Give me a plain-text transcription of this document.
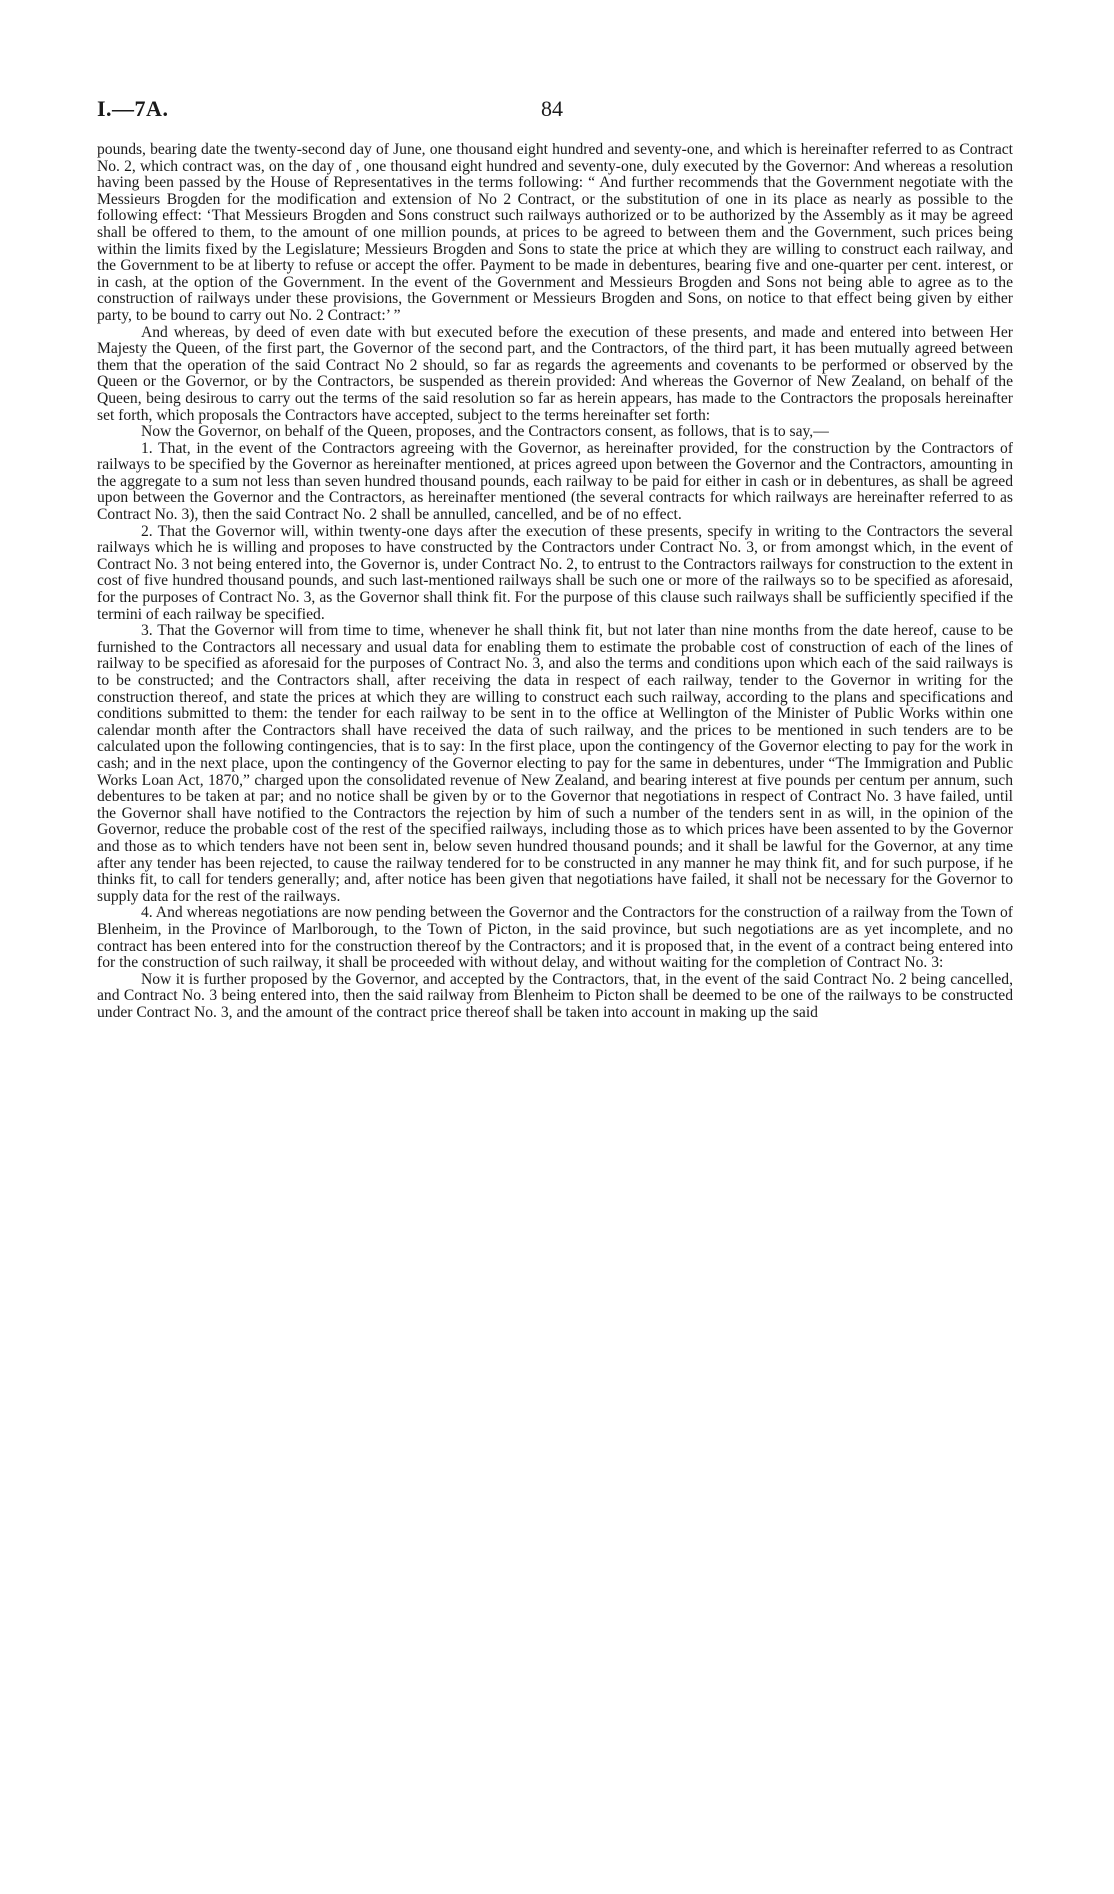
I.—7A.	84

pounds, bearing date the twenty-second day of June, one thousand eight hundred and seventy-one, and which is hereinafter referred to as Contract No. 2, which contract was, on the day of , one thousand eight hundred and seventy-one, duly executed by the Governor: And whereas a resolution having been passed by the House of Representatives in the terms following: “ And further recommends that the Government negotiate with the Messieurs Brogden for the modification and extension of No 2 Contract, or the substitution of one in its place as nearly as possible to the following effect: ‘That Messieurs Brogden and Sons construct such railways authorized or to be authorized by the Assembly as it may be agreed shall be offered to them, to the amount of one million pounds, at prices to be agreed to between them and the Government, such prices being within the limits fixed by the Legislature; Messieurs Brogden and Sons to state the price at which they are willing to construct each railway, and the Government to be at liberty to refuse or accept the offer. Payment to be made in debentures, bearing five and one-quarter per cent. interest, or in cash, at the option of the Government. In the event of the Government and Messieurs Brogden and Sons not being able to agree as to the construction of railways under these provisions, the Government or Messieurs Brogden and Sons, on notice to that effect being given by either party, to be bound to carry out No. 2 Contract:’ ”

And whereas, by deed of even date with but executed before the execution of these presents, and made and entered into between Her Majesty the Queen, of the first part, the Governor of the second part, and the Contractors, of the third part, it has been mutually agreed between them that the operation of the said Contract No 2 should, so far as regards the agreements and covenants to be performed or observed by the Queen or the Governor, or by the Contractors, be suspended as therein provided: And whereas the Governor of New Zealand, on behalf of the Queen, being desirous to carry out the terms of the said resolution so far as herein appears, has made to the Contractors the proposals hereinafter set forth, which proposals the Contractors have accepted, subject to the terms hereinafter set forth:

Now the Governor, on behalf of the Queen, proposes, and the Contractors consent, as follows, that is to say,—

1. That, in the event of the Contractors agreeing with the Governor, as hereinafter provided, for the construction by the Contractors of railways to be specified by the Governor as hereinafter mentioned, at prices agreed upon between the Governor and the Contractors, amounting in the aggregate to a sum not less than seven hundred thousand pounds, each railway to be paid for either in cash or in debentures, as shall be agreed upon between the Governor and the Contractors, as hereinafter mentioned (the several contracts for which railways are hereinafter referred to as Contract No. 3), then the said Contract No. 2 shall be annulled, cancelled, and be of no effect.

2. That the Governor will, within twenty-one days after the execution of these presents, specify in writing to the Contractors the several railways which he is willing and proposes to have constructed by the Contractors under Contract No. 3, or from amongst which, in the event of Contract No. 3 not being entered into, the Governor is, under Contract No. 2, to entrust to the Contractors railways for construction to the extent in cost of five hundred thousand pounds, and such last-mentioned railways shall be such one or more of the railways so to be specified as aforesaid, for the purposes of Contract No. 3, as the Governor shall think fit. For the purpose of this clause such railways shall be sufficiently specified if the termini of each railway be specified.

3. That the Governor will from time to time, whenever he shall think fit, but not later than nine months from the date hereof, cause to be furnished to the Contractors all necessary and usual data for enabling them to estimate the probable cost of construction of each of the lines of railway to be specified as aforesaid for the purposes of Contract No. 3, and also the terms and conditions upon which each of the said railways is to be constructed; and the Contractors shall, after receiving the data in respect of each railway, tender to the Governor in writing for the construction thereof, and state the prices at which they are willing to construct each such railway, according to the plans and specifications and conditions submitted to them: the tender for each railway to be sent in to the office at Wellington of the Minister of Public Works within one calendar month after the Contractors shall have received the data of such railway, and the prices to be mentioned in such tenders are to be calculated upon the following contingencies, that is to say: In the first place, upon the contingency of the Governor electing to pay for the work in cash; and in the next place, upon the contingency of the Governor electing to pay for the same in debentures, under “The Immigration and Public Works Loan Act, 1870,” charged upon the consolidated revenue of New Zealand, and bearing interest at five pounds per centum per annum, such debentures to be taken at par; and no notice shall be given by or to the Governor that negotiations in respect of Contract No. 3 have failed, until the Governor shall have notified to the Contractors the rejection by him of such a number of the tenders sent in as will, in the opinion of the Governor, reduce the probable cost of the rest of the specified railways, including those as to which prices have been assented to by the Governor and those as to which tenders have not been sent in, below seven hundred thousand pounds; and it shall be lawful for the Governor, at any time after any tender has been rejected, to cause the railway tendered for to be constructed in any manner he may think fit, and for such purpose, if he thinks fit, to call for tenders generally; and, after notice has been given that negotiations have failed, it shall not be necessary for the Governor to supply data for the rest of the railways.

4. And whereas negotiations are now pending between the Governor and the Contractors for the construction of a railway from the Town of Blenheim, in the Province of Marlborough, to the Town of Picton, in the said province, but such negotiations are as yet incomplete, and no contract has been entered into for the construction thereof by the Contractors; and it is proposed that, in the event of a contract being entered into for the construction of such railway, it shall be proceeded with without delay, and without waiting for the completion of Contract No. 3:

Now it is further proposed by the Governor, and accepted by the Contractors, that, in the event of the said Contract No. 2 being cancelled, and Contract No. 3 being entered into, then the said railway from Blenheim to Picton shall be deemed to be one of the railways to be constructed under Contract No. 3, and the amount of the contract price thereof shall be taken into account in making up the said
